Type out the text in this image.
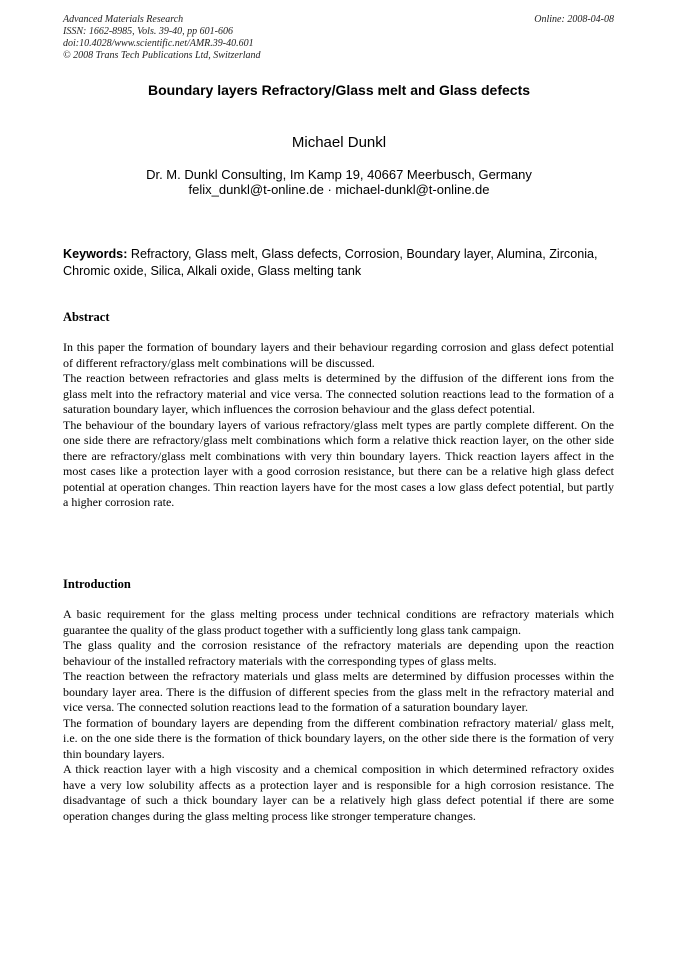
Advanced Materials Research
ISSN: 1662-8985, Vols. 39-40, pp 601-606
doi:10.4028/www.scientific.net/AMR.39-40.601
© 2008 Trans Tech Publications Ltd, Switzerland
Online: 2008-04-08
Boundary layers Refractory/Glass melt and Glass defects
Michael Dunkl
Dr. M. Dunkl Consulting, Im Kamp 19, 40667 Meerbusch, Germany
felix_dunkl@t-online.de · michael-dunkl@t-online.de
Keywords: Refractory, Glass melt, Glass defects, Corrosion, Boundary layer, Alumina, Zirconia, Chromic oxide, Silica, Alkali oxide, Glass melting tank
Abstract

In this paper the formation of boundary layers and their behaviour regarding corrosion and glass defect potential of different refractory/glass melt combinations will be discussed.

The reaction between refractories and glass melts is determined by the diffusion of the different ions from the glass melt into the refractory material and vice versa. The connected solution reactions lead to the formation of a saturation boundary layer, which influences the corrosion behaviour and the glass defect potential.

The behaviour of the boundary layers of various refractory/glass melt types are partly complete different. On the one side there are refractory/glass melt combinations which form a relative thick reaction layer, on the other side there are refractory/glass melt combinations with very thin boundary layers. Thick reaction layers affect in the most cases like a protection layer with a good corrosion resistance, but there can be a relative high glass defect potential at operation changes. Thin reaction layers have for the most cases a low glass defect potential, but partly a higher corrosion rate.

Introduction

A basic requirement for the glass melting process under technical conditions are refractory materials which guarantee the quality of the glass product together with a sufficiently long glass tank campaign.

The glass quality and the corrosion resistance of the refractory materials are depending upon the reaction behaviour of the installed refractory materials with the corresponding types of glass melts.

The reaction between the refractory materials und glass melts are determined by diffusion processes within the boundary layer area. There is the diffusion of different species from the glass melt in the refractory material and vice versa. The connected solution reactions lead to the formation of a saturation boundary layer.

The formation of boundary layers are depending from the different combination refractory material/ glass melt, i.e. on the one side there is the formation of thick boundary layers, on the other side there is the formation of very thin boundary layers.

A thick reaction layer with a high viscosity and a chemical composition in which determined refractory oxides have a very low solubility affects as a protection layer and is responsible for a high corrosion resistance. The disadvantage of such a thick boundary layer can be a relatively high glass defect potential if there are some operation changes during the glass melting process like stronger temperature changes.
